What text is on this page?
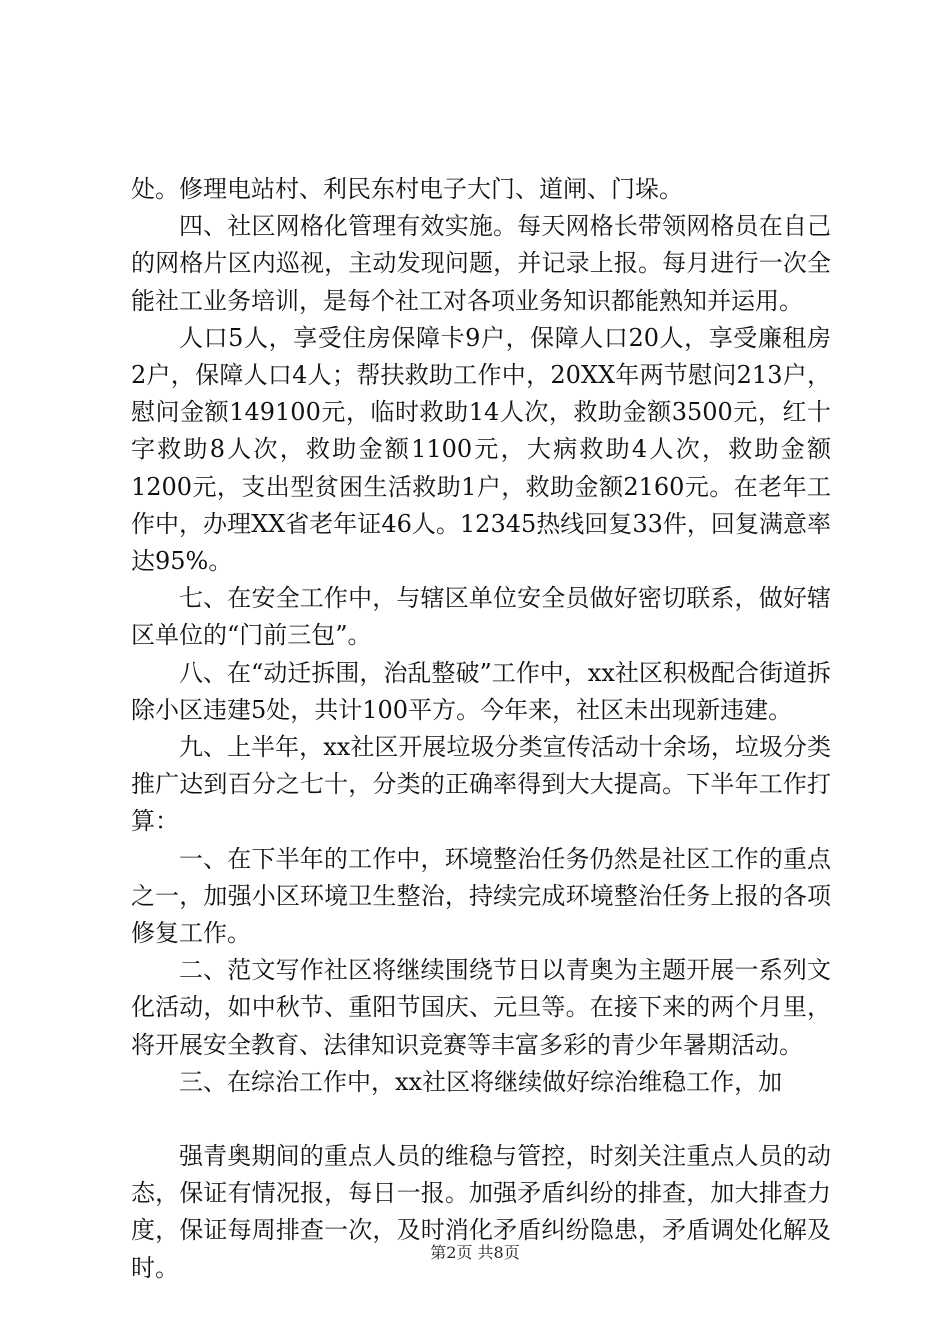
处。修理电站村、利民东村电子大门、道闸、门垛。

四、社区网格化管理有效实施。每天网格长带领网格员在自己的网格片区内巡视，主动发现问题，并记录上报。每月进行一次全能社工业务培训，是每个社工对各项业务知识都能熟知并运用。

人口5人，享受住房保障卡9户，保障人口20人，享受廉租房2户，保障人口4人；帮扶救助工作中，20XX年两节慰问213户，慰问金额149100元，临时救助14人次，救助金额3500元，红十字救助8人次，救助金额1100元，大病救助4人次，救助金额1200元，支出型贫困生活救助1户，救助金额2160元。在老年工作中，办理XX省老年证46人。12345热线回复33件，回复满意率达95%。

七、在安全工作中，与辖区单位安全员做好密切联系，做好辖区单位的“门前三包”。

八、在“动迁拆围，治乱整破”工作中，xx社区积极配合街道拆除小区违建5处，共计100平方。今年来，社区未出现新违建。

九、上半年，xx社区开展垃圾分类宣传活动十余场，垃圾分类推广达到百分之七十，分类的正确率得到大大提高。下半年工作打算：

一、在下半年的工作中，环境整治任务仍然是社区工作的重点之一，加强小区环境卫生整治，持续完成环境整治任务上报的各项修复工作。

二、范文写作社区将继续围绕节日以青奥为主题开展一系列文化活动，如中秋节、重阳节国庆、元旦等。在接下来的两个月里，将开展安全教育、法律知识竞赛等丰富多彩的青少年暑期活动。

三、在综治工作中，xx社区将继续做好综治维稳工作，加

强青奥期间的重点人员的维稳与管控，时刻关注重点人员的动态，保证有情况报，每日一报。加强矛盾纠纷的排查，加大排查力度，保证每周排查一次，及时消化矛盾纠纷隐患，矛盾调处化解及时。

第2页 共8页
